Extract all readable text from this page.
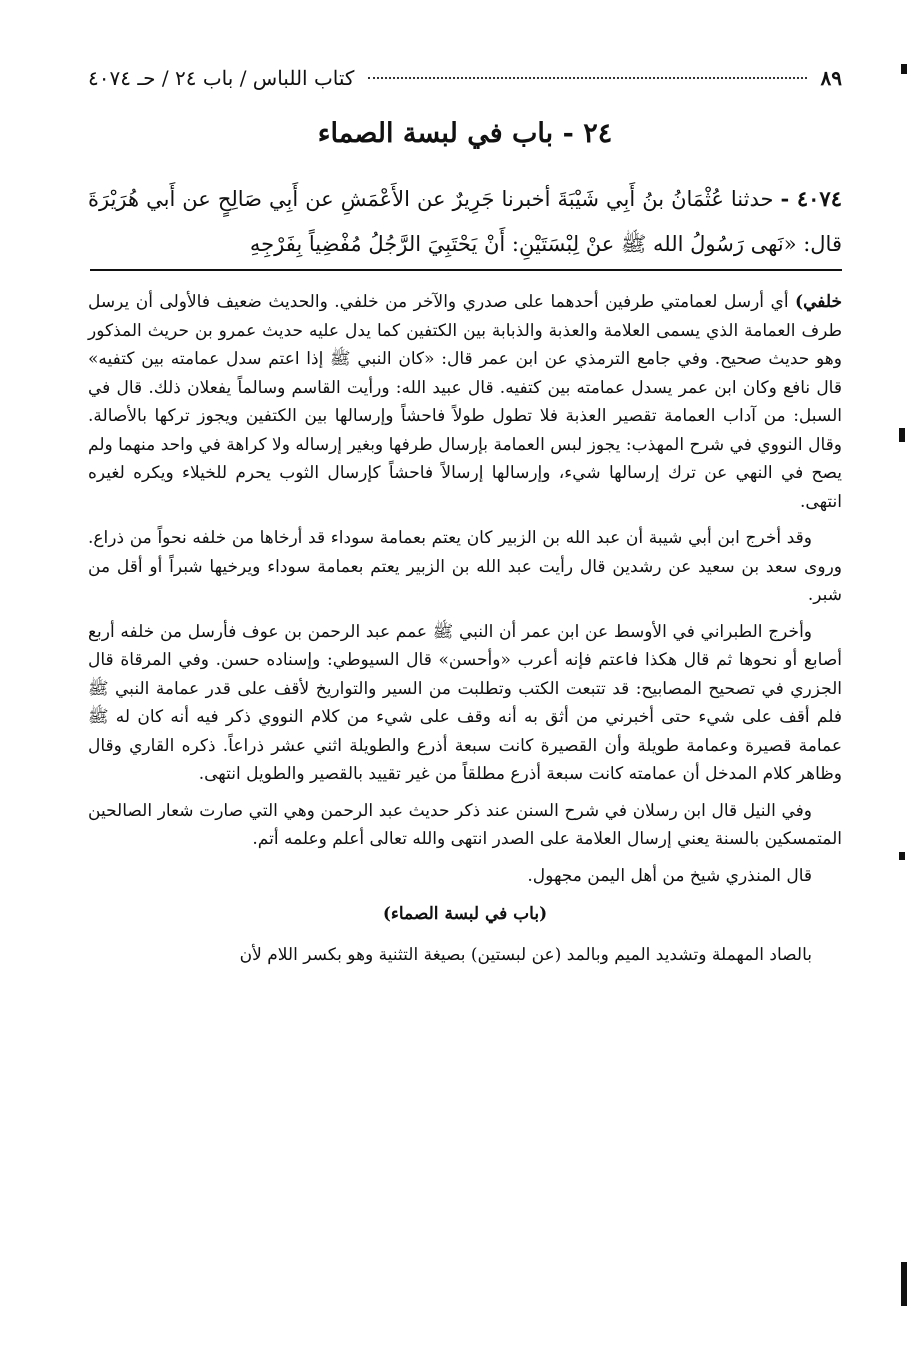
كتاب اللباس / باب ٢٤ / حـ ٤٠٧٤	٨٩
٢٤ - باب في لبسة الصماء
٤٠٧٤ - حدثنا عُثْمَانُ بنُ أَبِي شَيْبَةَ أخبرنا جَرِيرٌ عن الأَعْمَشِ عن أَبِي صَالِحٍ عن أَبي هُرَيْرَةَ قال: «نَهى رَسُولُ الله ﷺ عنْ لِبْسَتَيْنِ: أَنْ يَحْتَبِيَ الرَّجُلُ مُفْضِياً بِفَرْجِهِ

خلفي) أي أرسل لعمامتي طرفين أحدهما على صدري والآخر من خلفي. والحديث ضعيف فالأولى أن يرسل طرف العمامة الذي يسمى العلامة والعذبة والذبابة بين الكتفين كما يدل عليه حديث عمرو بن حريث المذكور وهو حديث صحيح. وفي جامع الترمذي عن ابن عمر قال: «كان النبي ﷺ إذا اعتم سدل عمامته بين كتفيه» قال نافع وكان ابن عمر يسدل عمامته بين كتفيه. قال عبيد الله: ورأيت القاسم وسالماً يفعلان ذلك. قال في السبل: من آداب العمامة تقصير العذبة فلا تطول طولاً فاحشاً وإرسالها بين الكتفين ويجوز تركها بالأصالة. وقال النووي في شرح المهذب: يجوز لبس العمامة بإرسال طرفها وبغير إرساله ولا كراهة في واحد منهما ولم يصح في النهي عن ترك إرسالها شيء، وإرسالها إرسالاً فاحشاً كإرسال الثوب يحرم للخيلاء ويكره لغيره انتهى.

وقد أخرج ابن أبي شيبة أن عبد الله بن الزبير كان يعتم بعمامة سوداء قد أرخاها من خلفه نحواً من ذراع. وروى سعد بن سعيد عن رشدين قال رأيت عبد الله بن الزبير يعتم بعمامة سوداء ويرخيها شبراً أو أقل من شبر.

وأخرج الطبراني في الأوسط عن ابن عمر أن النبي ﷺ عمم عبد الرحمن بن عوف فأرسل من خلفه أربع أصابع أو نحوها ثم قال هكذا فاعتم فإنه أعرب «وأحسن» قال السيوطي: وإسناده حسن. وفي المرقاة قال الجزري في تصحيح المصابيح: قد تتبعت الكتب وتطلبت من السير والتواريخ لأقف على قدر عمامة النبي ﷺ فلم أقف على شيء حتى أخبرني من أثق به أنه وقف على شيء من كلام النووي ذكر فيه أنه كان له ﷺ عمامة قصيرة وعمامة طويلة وأن القصيرة كانت سبعة أذرع والطويلة اثني عشر ذراعاً. ذكره القاري وقال وظاهر كلام المدخل أن عمامته كانت سبعة أذرع مطلقاً من غير تقييد بالقصير والطويل انتهى.

وفي النيل قال ابن رسلان في شرح السنن عند ذكر حديث عبد الرحمن وهي التي صارت شعار الصالحين المتمسكين بالسنة يعني إرسال العلامة على الصدر انتهى والله تعالى أعلم وعلمه أتم.

قال المنذري شيخ من أهل اليمن مجهول.

(باب في لبسة الصماء)

بالصاد المهملة وتشديد الميم وبالمد (عن لبستين) بصيغة التثنية وهو بكسر اللام لأن
